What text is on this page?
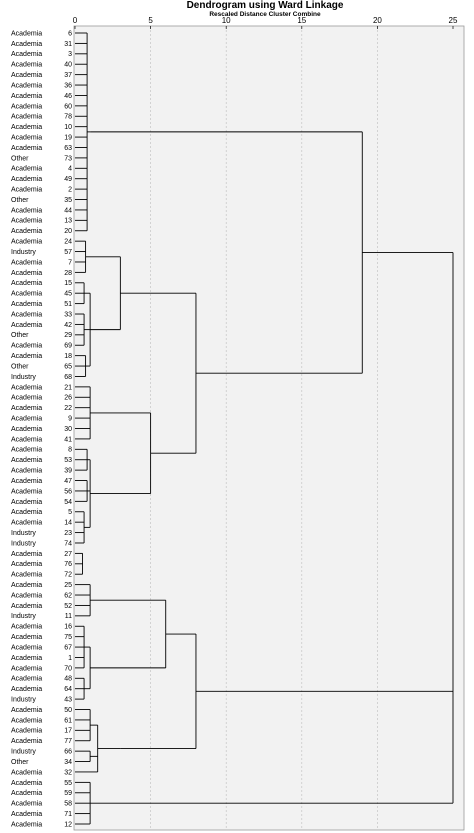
Dendrogram using Ward Linkage
Rescaled Distance Cluster Combine
0	5	10	15	20	25
Academia	6
Academia	31
Academia	3
Academia	40
Academia	37
Academia	36
Academia	46
Academia	60
Academia	78
Academia	10
Academia	19
Academia	63
Other	73
Academia	4
Academia	49
Academia	2
Other	35
Academia	44
Academia	13
Academia	20
Academia	24
Industry	57
Academia	7
Academia	28
Academia	15
Academia	45
Academia	51
Academia	33
Academia	42
Other	29
Academia	69
Academia	18
Other	65
Industry	68
Academia	21
Academia	26
Academia	22
Academia	9
Academia	30
Academia	41
Academia	8
Academia	53
Academia	39
Academia	47
Academia	56
Academia	54
Academia	5
Academia	14
Industry	23
Industry	74
Academia	27
Academia	76
Academia	72
Academia	25
Academia	62
Academia	52
Industry	11
Academia	16
Academia	75
Academia	67
Academia	1
Academia	70
Academia	48
Academia	64
Industry	43
Academia	50
Academia	61
Academia	17
Academia	77
Industry	66
Other	34
Academia	32
Academia	55
Academia	59
Academia	58
Academia	71
Academia	12
